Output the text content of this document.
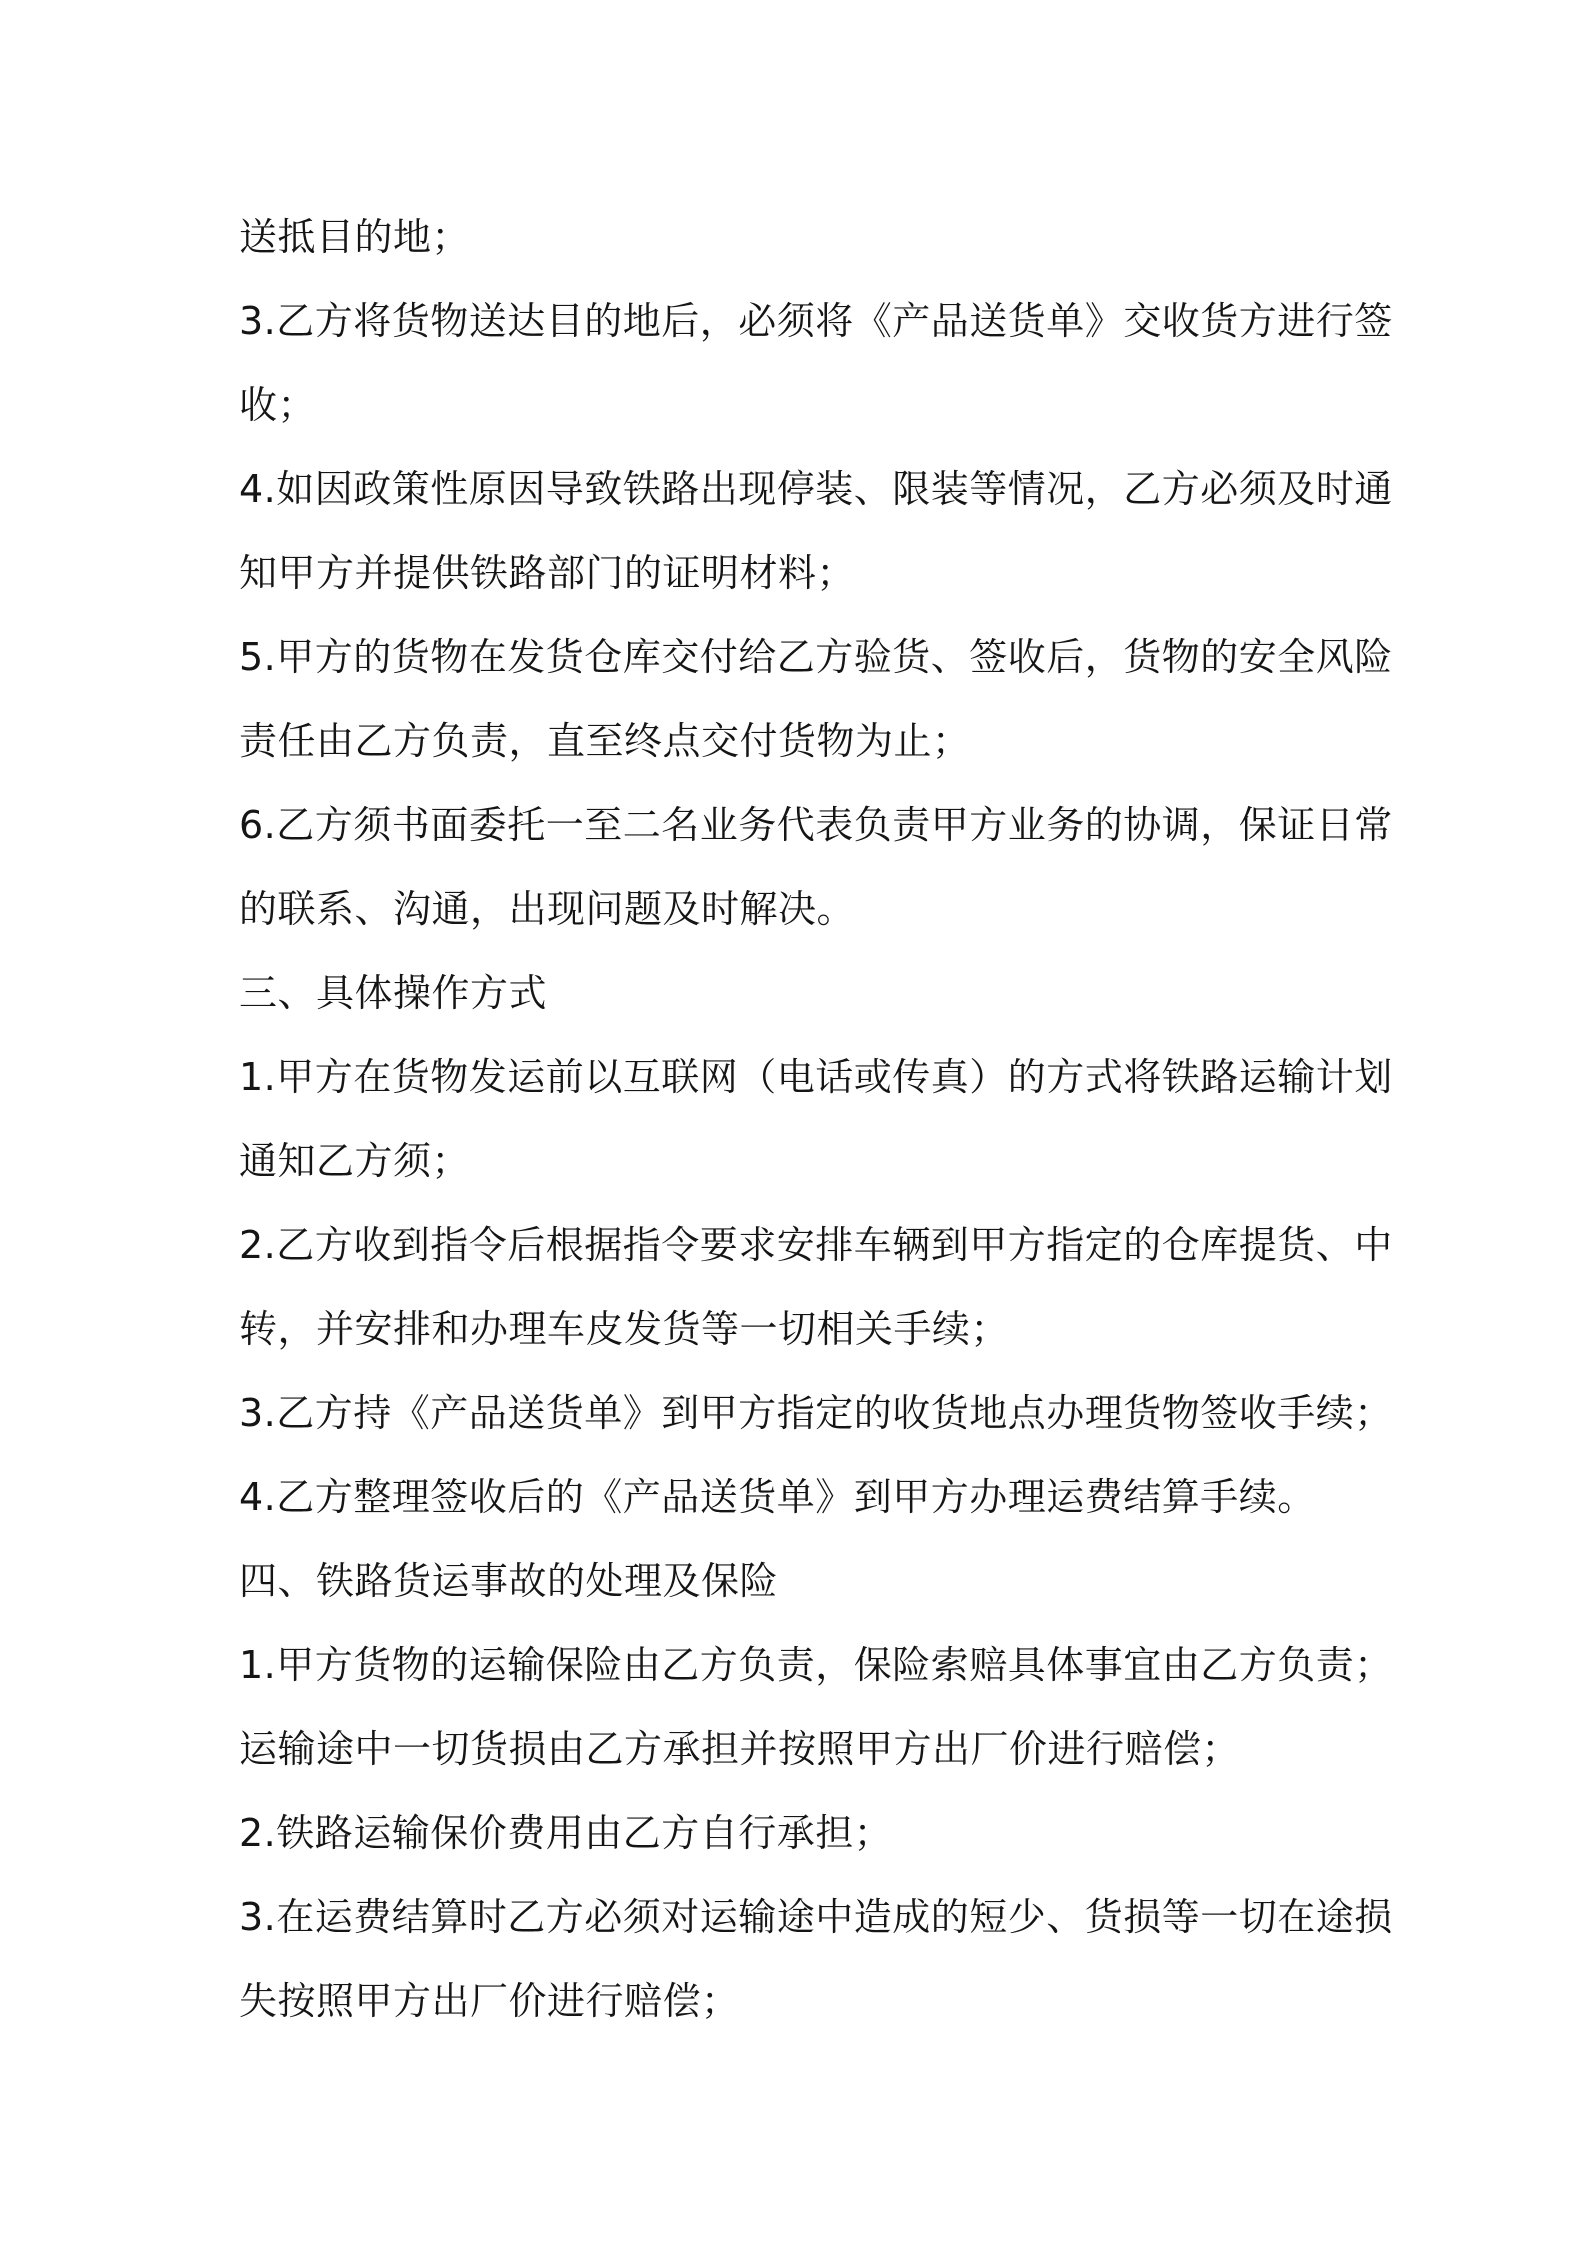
送抵目的地；
3.乙方将货物送达目的地后，必须将《产品送货单》交收货方进行签
收；
4.如因政策性原因导致铁路出现停装、限装等情况，乙方必须及时通
知甲方并提供铁路部门的证明材料；
5.甲方的货物在发货仓库交付给乙方验货、签收后，货物的安全风险
责任由乙方负责，直至终点交付货物为止；
6.乙方须书面委托一至二名业务代表负责甲方业务的协调，保证日常
的联系、沟通，出现问题及时解决。
三、具体操作方式
1.甲方在货物发运前以互联网（电话或传真）的方式将铁路运输计划
通知乙方须；
2.乙方收到指令后根据指令要求安排车辆到甲方指定的仓库提货、中
转，并安排和办理车皮发货等一切相关手续；
3.乙方持《产品送货单》到甲方指定的收货地点办理货物签收手续；
4.乙方整理签收后的《产品送货单》到甲方办理运费结算手续。
四、铁路货运事故的处理及保险
1.甲方货物的运输保险由乙方负责，保险索赔具体事宜由乙方负责；
运输途中一切货损由乙方承担并按照甲方出厂价进行赔偿；
2.铁路运输保价费用由乙方自行承担；
3.在运费结算时乙方必须对运输途中造成的短少、货损等一切在途损
失按照甲方出厂价进行赔偿；
